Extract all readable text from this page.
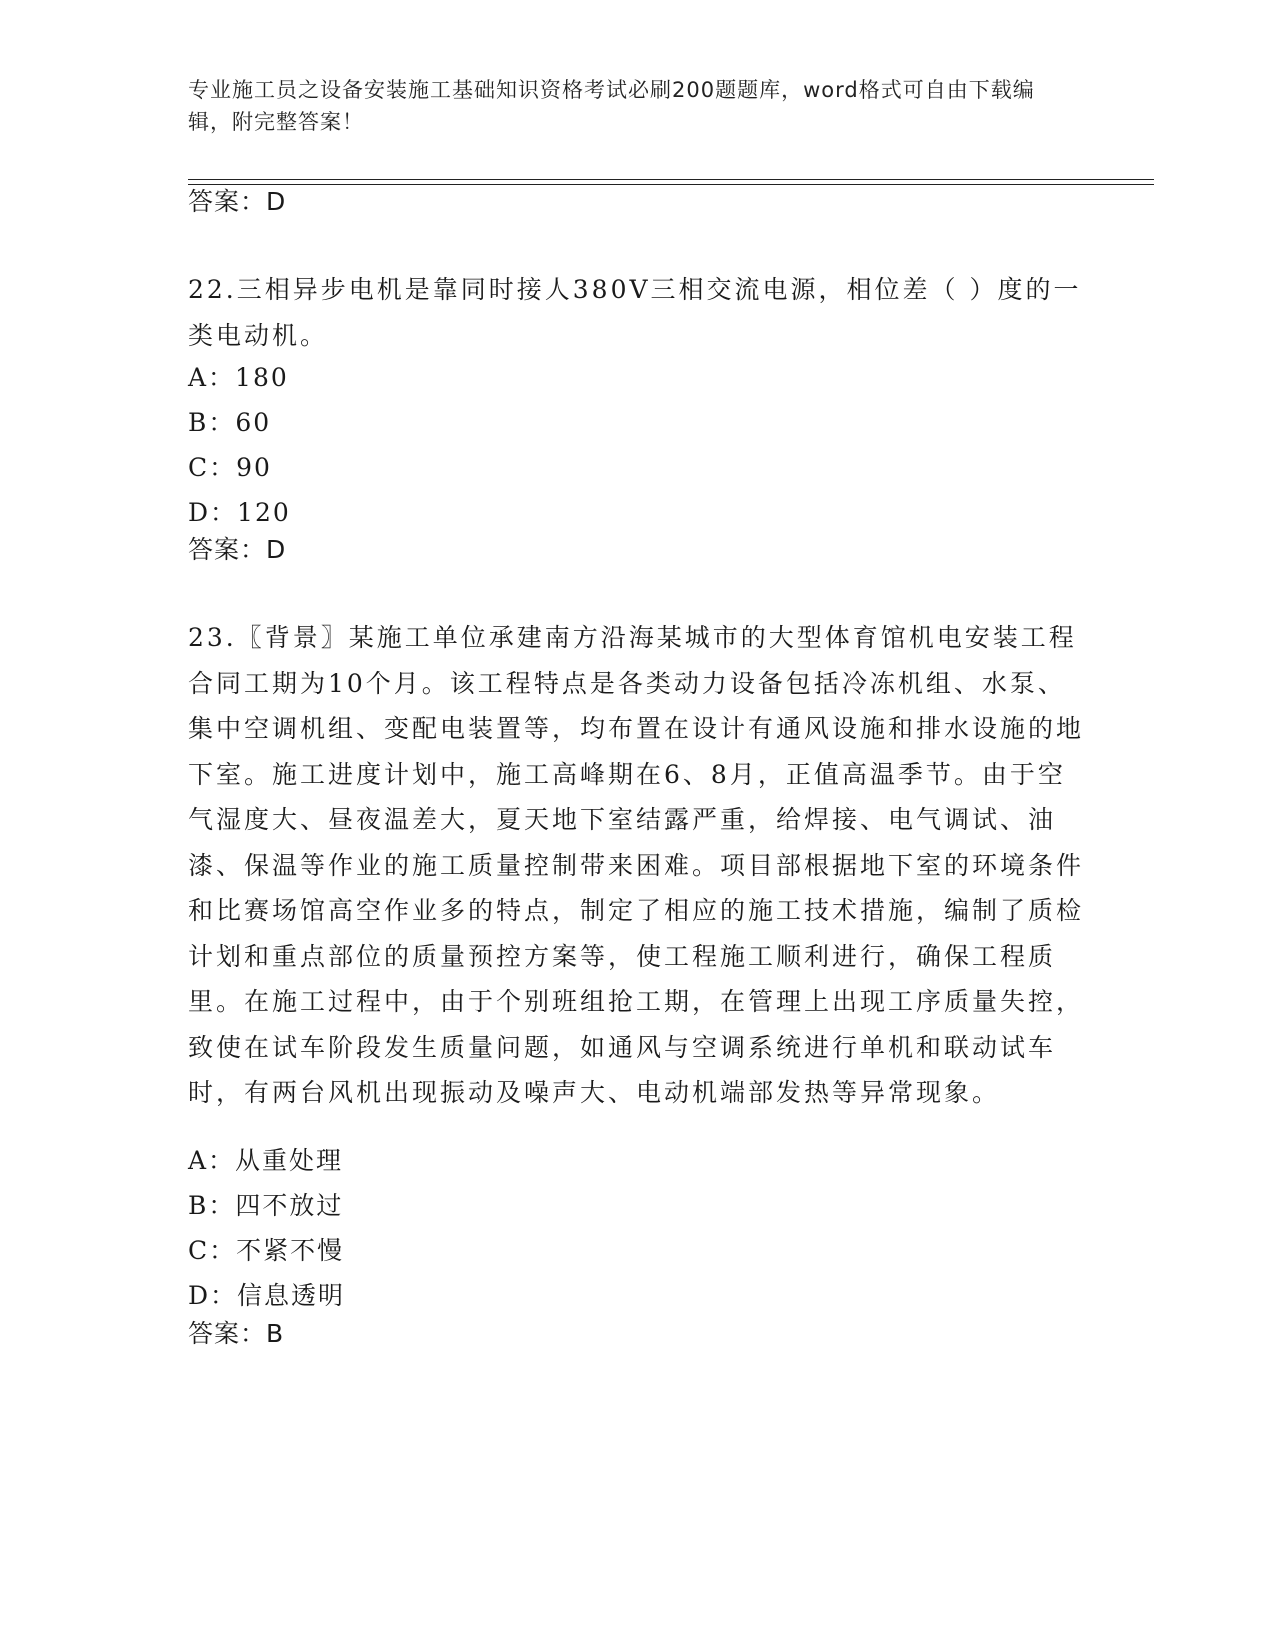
专业施工员之设备安装施工基础知识资格考试必刷200题题库，word格式可自由下载编辑，附完整答案！
答案：D

22.三相异步电机是靠同时接人380V三相交流电源，相位差（ ）度的一类电动机。

A：180

B：60

C：90

D：120

答案：D

23.〖背景〗某施工单位承建南方沿海某城市的大型体育馆机电安装工程合同工期为10个月。该工程特点是各类动力设备包括冷冻机组、水泵、集中空调机组、变配电装置等，均布置在设计有通风设施和排水设施的地下室。施工进度计划中，施工高峰期在6、8月，正值高温季节。由于空气湿度大、昼夜温差大，夏天地下室结露严重，给焊接、电气调试、油漆、保温等作业的施工质量控制带来困难。项目部根据地下室的环境条件和比赛场馆高空作业多的特点，制定了相应的施工技术措施，编制了质检计划和重点部位的质量预控方案等，使工程施工顺利进行，确保工程质里。在施工过程中，由于个别班组抢工期，在管理上出现工序质量失控，致使在试车阶段发生质量问题，如通风与空调系统进行单机和联动试车时，有两台风机出现振动及噪声大、电动机端部发热等异常现象。

A：从重处理

B：四不放过

C：不紧不慢

D：信息透明

答案：B
